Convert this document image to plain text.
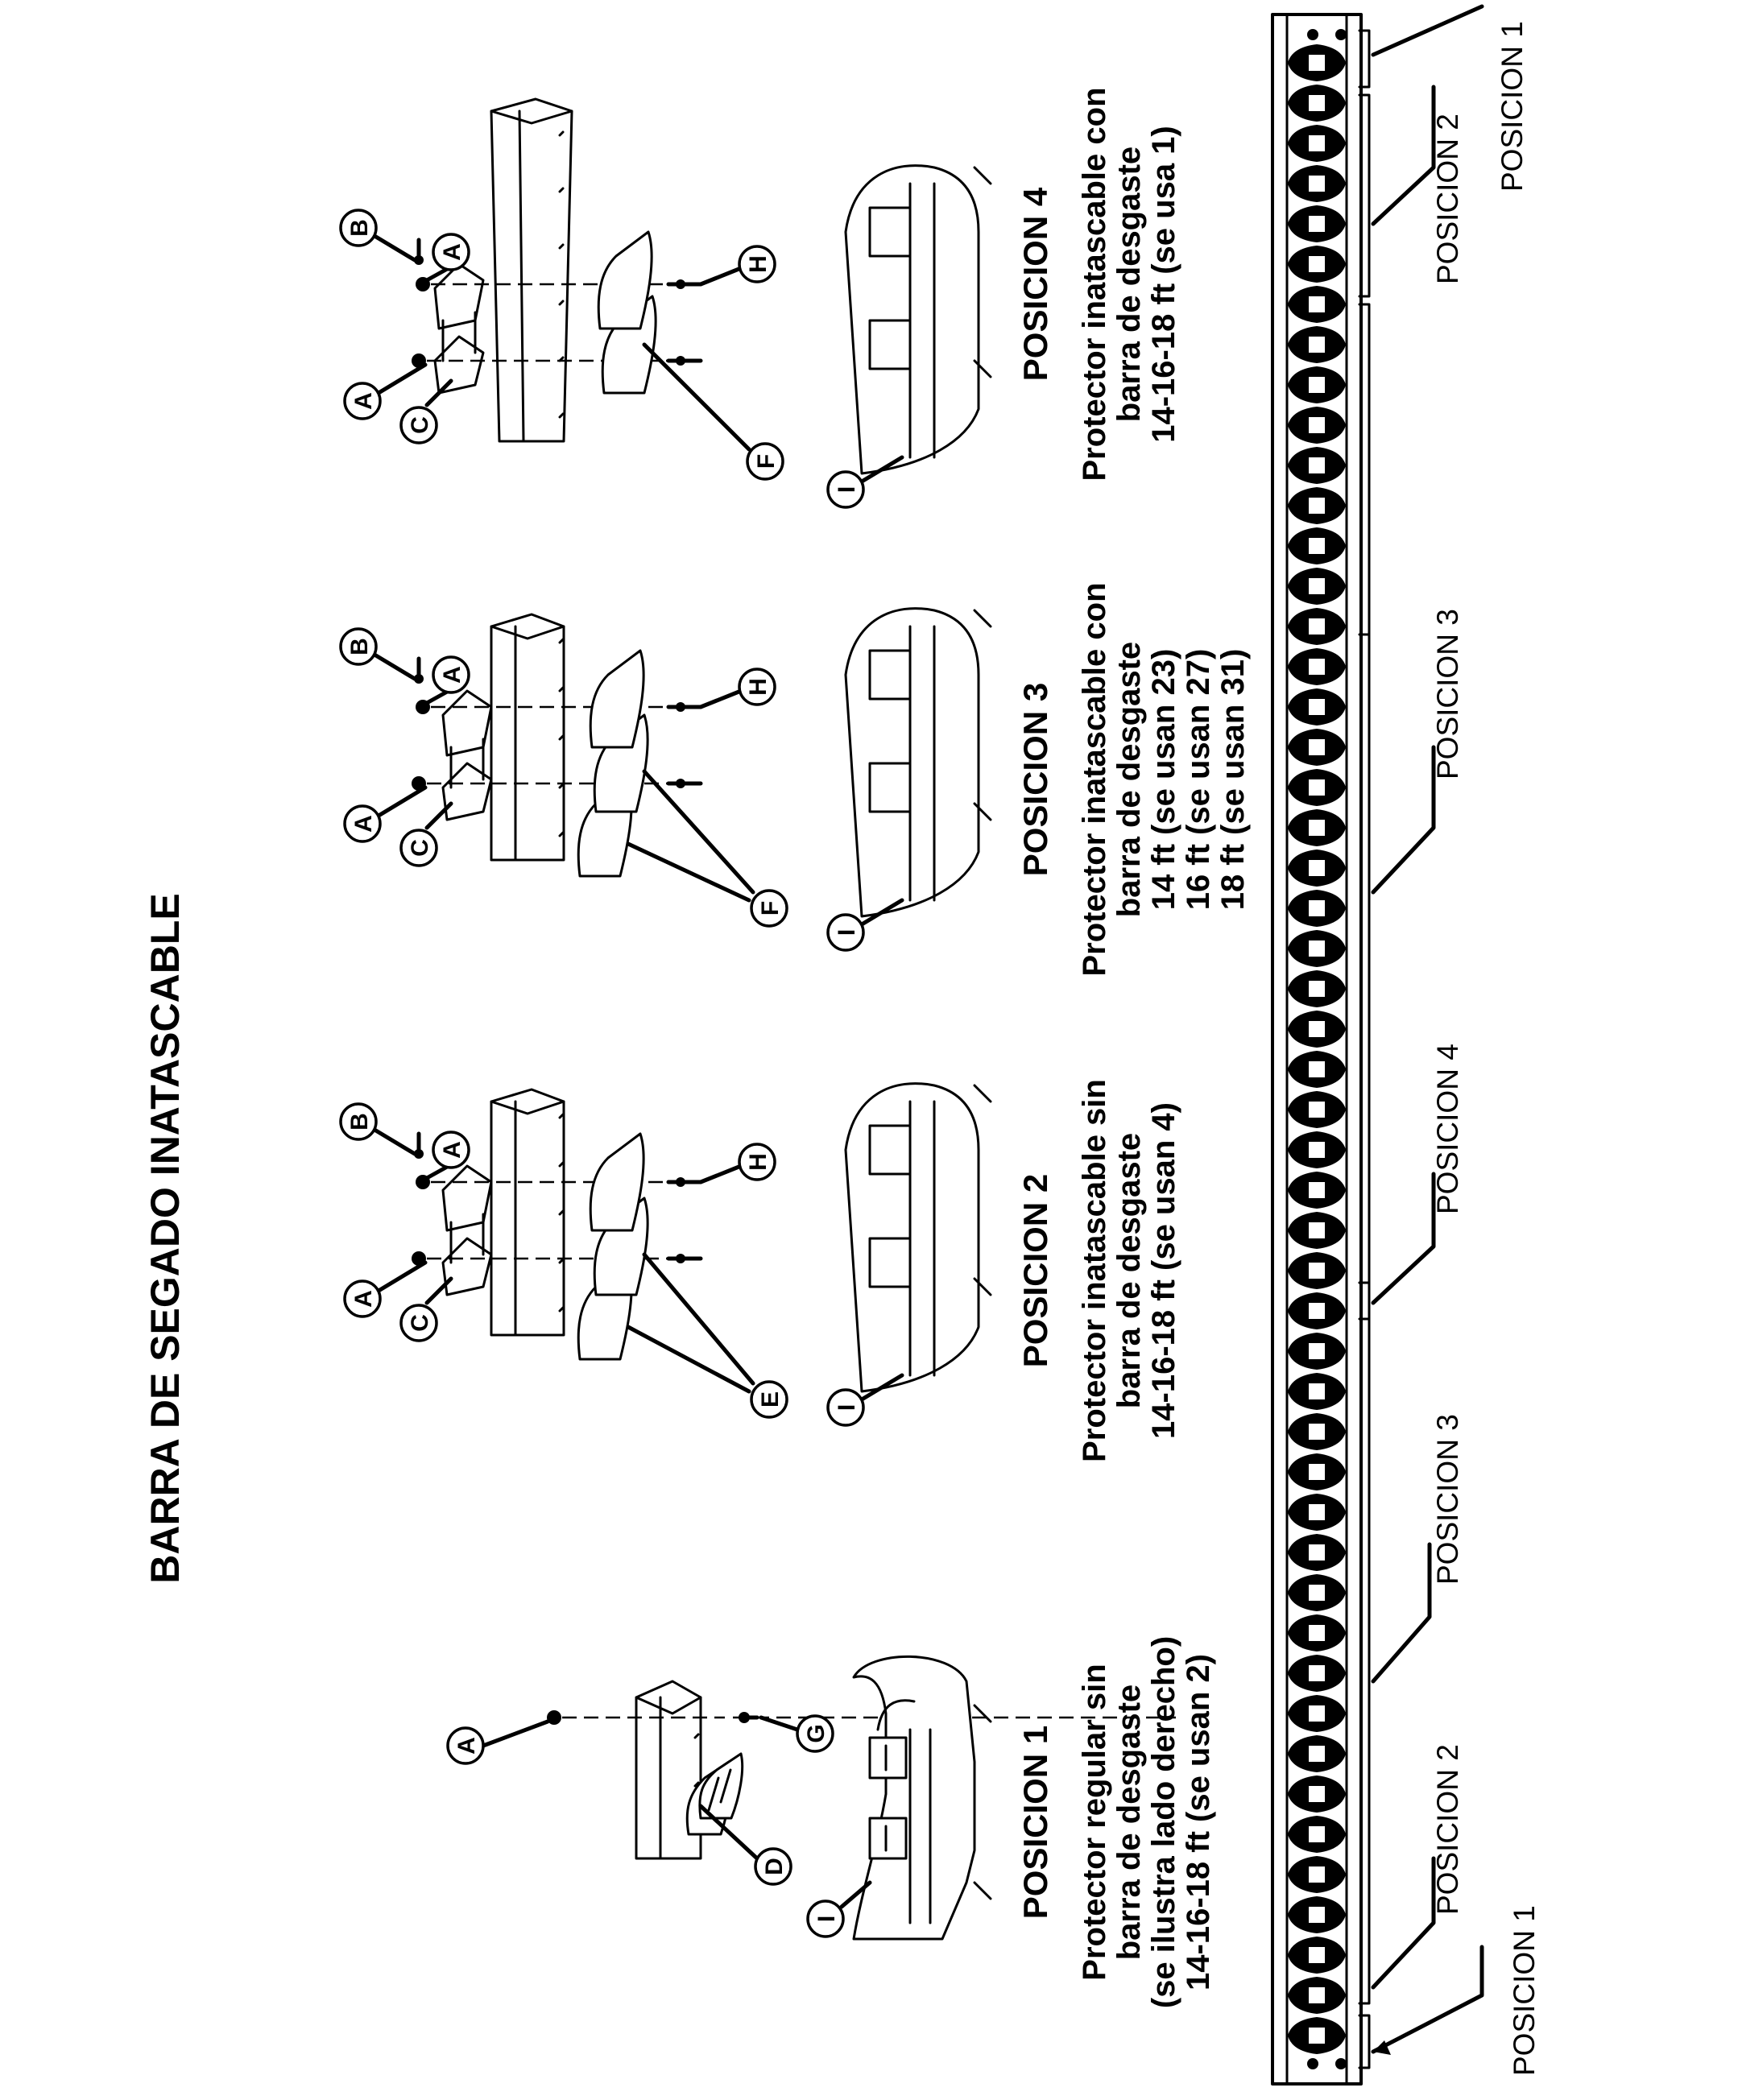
BARRA DE SEGADO INATASCABLE
A
D
G
I
A
B
C
A
H
E I
A
B
C
A
H
F
I
A
B
C
A
H
F
I
POSICION 1 Protector regular sin barra de desgaste (se ilustra lado derecho) 14-16-18 ft (se usan 2)
POSICION 2 Protector inatascable sin barra de desgaste 14-16-18 ft (se usan 4)
POSICION 3 Protector inatascable con barra de desgaste 14 ft (se usan 23) 16 ft (se usan 27) 18 ft (se usan 31)
POSICION 4 Protector inatascable con barra de desgaste 14-16-18 ft (se usa 1)
POSICION 1
POSICION 2
POSICION 3
POSICION 4
POSICION 3
POSICION 2
POSICION 1
